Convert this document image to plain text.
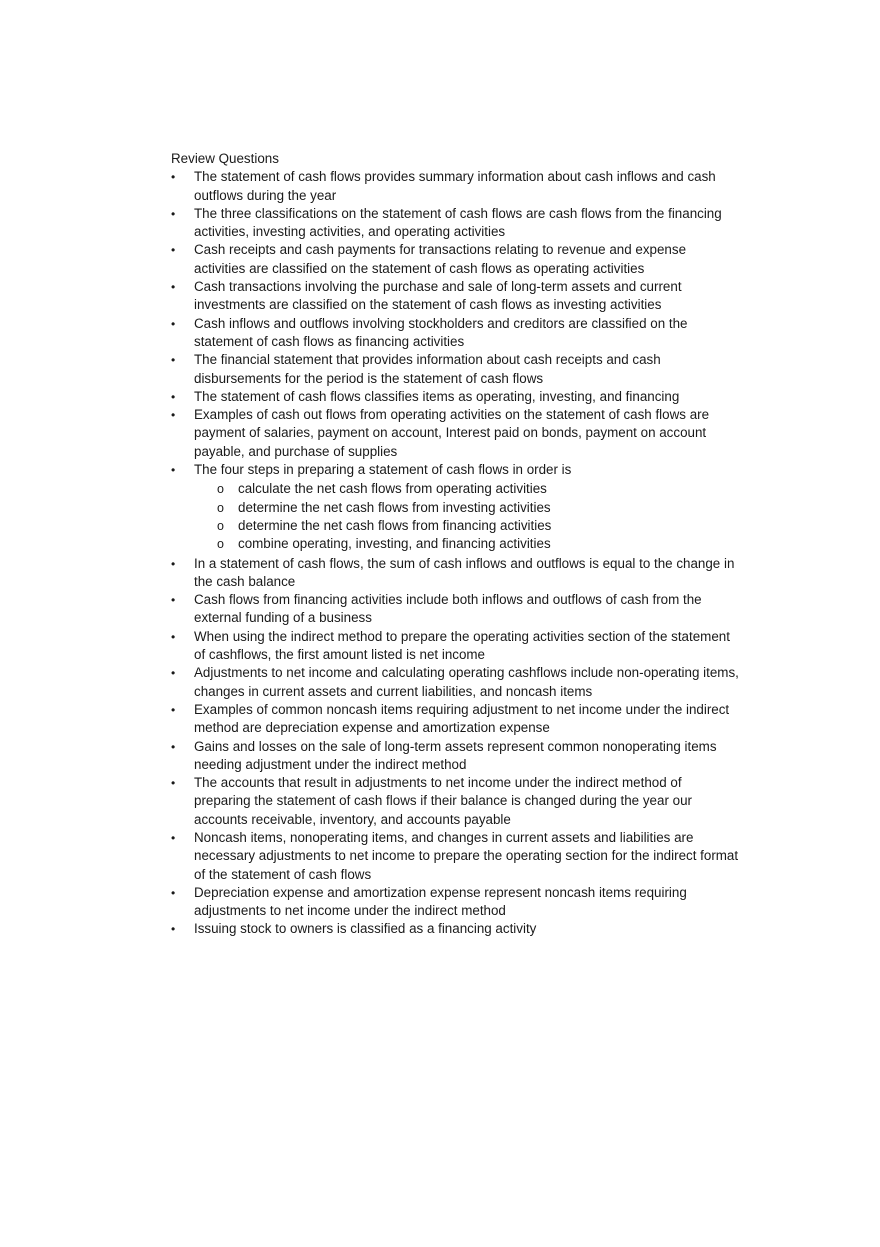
Review Questions

•	The statement of cash flows provides summary information about cash inflows and cash outflows during the year
•	The three classifications on the statement of cash flows are cash flows from the financing activities, investing activities, and operating activities
•	Cash receipts and cash payments for transactions relating to revenue and expense activities are classified on the statement of cash flows as operating activities
•	Cash transactions involving the purchase and sale of long-term assets and current investments are classified on the statement of cash flows as investing activities
•	Cash inflows and outflows involving stockholders and creditors are classified on the statement of cash flows as financing activities
•	The financial statement that provides information about cash receipts and cash disbursements for the period is the statement of cash flows
•	The statement of cash flows classifies items as operating, investing, and financing
•	Examples of cash out flows from operating activities on the statement of cash flows are payment of salaries, payment on account, Interest paid on bonds, payment on account payable, and purchase of supplies
•	The four steps in preparing a statement of cash flows in order is
o calculate the net cash flows from operating activities
o determine the net cash flows from investing activities
o determine the net cash flows from financing activities
o combine operating, investing, and financing activities
•	In a statement of cash flows, the sum of cash inflows and outflows is equal to the change in the cash balance
•	Cash flows from financing activities include both inflows and outflows of cash from the external funding of a business
•	When using the indirect method to prepare the operating activities section of the statement of cashflows, the first amount listed is net income
•	Adjustments to net income and calculating operating cashflows include non-operating items, changes in current assets and current liabilities, and noncash items
•	Examples of common noncash items requiring adjustment to net income under the indirect method are depreciation expense and amortization expense
•	Gains and losses on the sale of long-term assets represent common nonoperating items needing adjustment under the indirect method
•	The accounts that result in adjustments to net income under the indirect method of preparing the statement of cash flows if their balance is changed during the year our accounts receivable, inventory, and accounts payable
•	Noncash items, nonoperating items, and changes in current assets and liabilities are necessary adjustments to net income to prepare the operating section for the indirect format of the statement of cash flows
•	Depreciation expense and amortization expense represent noncash items requiring adjustments to net income under the indirect method
•	Issuing stock to owners is classified as a financing activity
